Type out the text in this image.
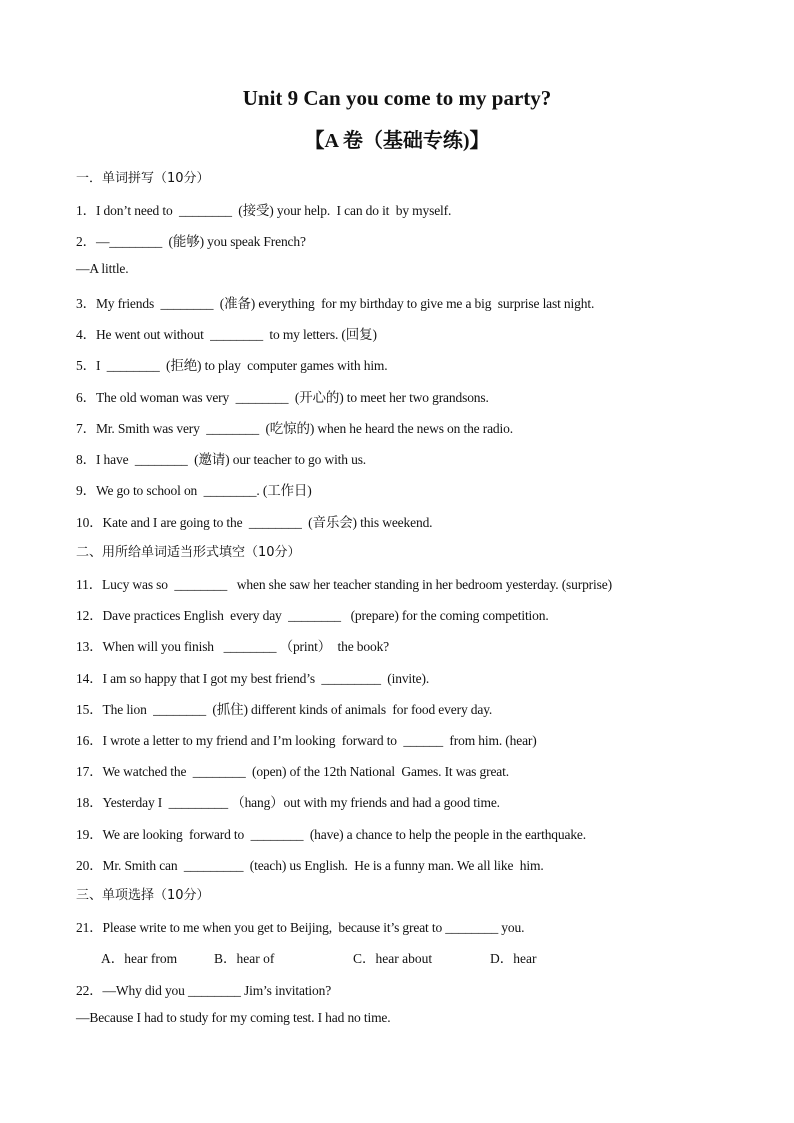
Unit 9 Can you come to my party?
【A 卷（基础专练)】
一．单词拼写（10分）
1．I don’t need to  ________  (接受) your help.  I can do it  by myself.
2．—________  (能够) you speak French?
—A little.
3．My friends  ________  (准备) everything  for my birthday to give me a big  surprise last night.
4．He went out without  ________  to my letters. (回复)
5．I  ________  (拒绝) to play  computer games with him.
6．The old woman was very  ________  (开心的) to meet her two grandsons.
7．Mr. Smith was very  ________  (吃惊的) when he heard the news on the radio.
8．I have  ________  (邀请) our teacher to go with us.
9．We go to school on  ________. (工作日)
10．Kate and I are going to the  ________  (音乐会) this weekend.
二、用所给单词适当形式填空（10分）
11．Lucy was so  ________   when she saw her teacher standing in her bedroom yesterday. (surprise)
12．Dave practices English  every day  ________   (prepare) for the coming competition.
13．When will you finish   ________ （print）  the book?
14．I am so happy that I got my best friend’s  _________  (invite).
15．The lion  ________  (抓住) different kinds of animals  for food every day.
16．I wrote a letter to my friend and I’m looking  forward to  ______  from him. (hear)
17．We watched the  ________  (open) of the 12th National  Games. It was great.
18．Yesterday I  _________ （hang）out with my friends and had a good time.
19．We are looking  forward to  ________  (have) a chance to help the people in the earthquake.
20．Mr. Smith can  _________  (teach) us English.  He is a funny man. We all like  him.
三、单项选择（10分）
21．Please write to me when you get to Beijing,  because it’s great to ________ you.
A．hear from	B．hear of	C．hear about	D．hear
22．—Why did you ________ Jim’s invitation?
—Because I had to study for my coming test. I had no time.
